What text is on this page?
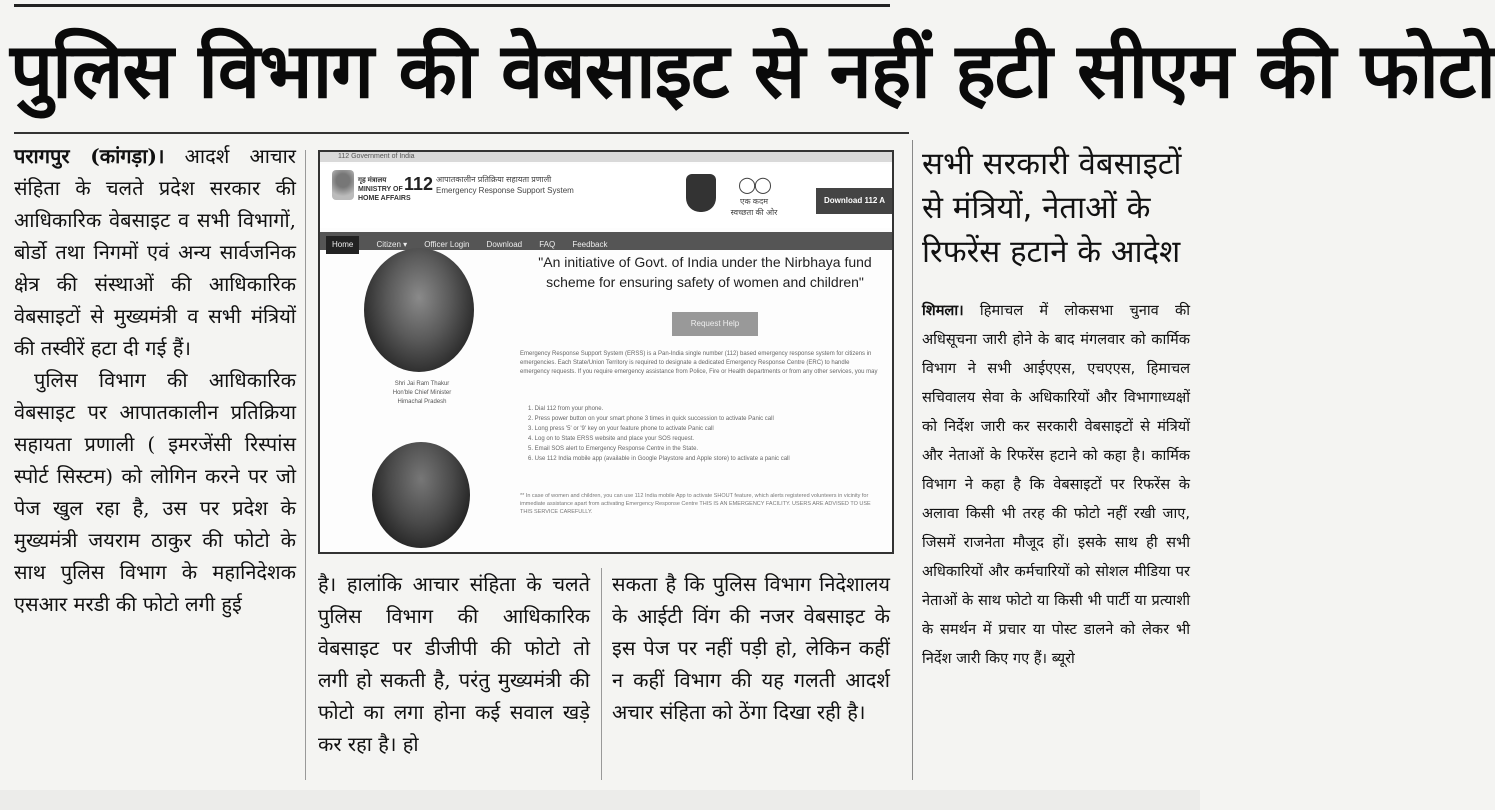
पुलिस विभाग की वेबसाइट से नहीं हटी सीएम की फोटो

परागपुर (कांगड़ा)। आदर्श आचार संहिता के चलते प्रदेश सरकार की आधिकारिक वेबसाइट व सभी विभागों, बोर्डो तथा निगमों एवं अन्य सार्वजनिक क्षेत्र की संस्थाओं की आधिकारिक वेबसाइटों से मुख्यमंत्री व सभी मंत्रियों की तस्वीरें हटा दी गई हैं।

पुलिस विभाग की आधिकारिक वेबसाइट पर आपातकालीन प्रतिक्रिया सहायता प्रणाली ( इमरजेंसी रिस्पांस स्पोर्ट सिस्टम) को लोगिन करने पर जो पेज खुल रहा है, उस पर प्रदेश के मुख्यमंत्री जयराम ठाकुर की फोटो के साथ पुलिस विभाग के महानिदेशक एसआर मरडी की फोटो लगी हुई

112 Government of India
गृह मंत्रालय
MINISTRY OF
HOME AFFAIRS
112 आपातकालीन प्रतिक्रिया सहायता प्रणाली
Emergency Response Support System	◯◯
एक कदम स्वच्छता की ओर
Download 112 A
Home	Citizen ▾ Officer Login Download FAQ Feedback
Shri Jai Ram Thakur
Hon'ble Chief Minister
Himachal Pradesh
"An initiative of Govt. of India under the Nirbhaya fund scheme for ensuring safety of women and children"
Request Help
Emergency Response Support System (ERSS) is a Pan-India single number (112) based emergency response system for citizens in emergencies. Each State/Union Territory is required to designate a dedicated Emergency Response Centre (ERC) to handle emergency requests. If you require emergency assistance from Police, Fire or Health departments or from any other services, you may
1. Dial 112 from your phone.
2. Press power button on your smart phone 3 times in quick succession to activate Panic call
3. Long press '5' or '9' key on your feature phone to activate Panic call
4. Log on to State ERSS website and place your SOS request.
5. Email SOS alert to Emergency Response Centre in the State.
6. Use 112 India mobile app (available in Google Playstore and Apple store) to activate a panic call
** In case of women and children, you can use 112 India mobile App to activate SHOUT feature, which alerts registered volunteers in vicinity for immediate assistance apart from activating Emergency Response Centre THIS IS AN EMERGENCY FACILITY. USERS ARE ADVISED TO USE THIS SERVICE CAREFULLY.

है। हालांकि आचार संहिता के चलते पुलिस विभाग की आधिकारिक वेबसाइट पर डीजीपी की फोटो तो लगी हो सकती है, परंतु मुख्यमंत्री की फोटो का लगा होना कई सवाल खड़े कर रहा है। हो

सकता है कि पुलिस विभाग निदेशालय के आईटी विंग की नजर वेबसाइट के इस पेज पर नहीं पड़ी हो, लेकिन कहीं न कहीं विभाग की यह गलती आदर्श अचार संहिता को ठेंगा दिखा रही है।

सभी सरकारी वेबसाइटों से मंत्रियों, नेताओं के रिफरेंस हटाने के आदेश

शिमला। हिमाचल में लोकसभा चुनाव की अधिसूचना जारी होने के बाद मंगलवार को कार्मिक विभाग ने सभी आईएएस, एचएएस, हिमाचल सचिवालय सेवा के अधिकारियों और विभागाध्यक्षों को निर्देश जारी कर सरकारी वेबसाइटों से मंत्रियों और नेताओं के रिफरेंस हटाने को कहा है। कार्मिक विभाग ने कहा है कि वेबसाइटों पर रिफरेंस के अलावा किसी भी तरह की फोटो नहीं रखी जाए, जिसमें राजनेता मौजूद हों। इसके साथ ही सभी अधिकारियों और कर्मचारियों को सोशल मीडिया पर नेताओं के साथ फोटो या किसी भी पार्टी या प्रत्याशी के समर्थन में प्रचार या पोस्ट डालने को लेकर भी निर्देश जारी किए गए हैं। ब्यूरो
